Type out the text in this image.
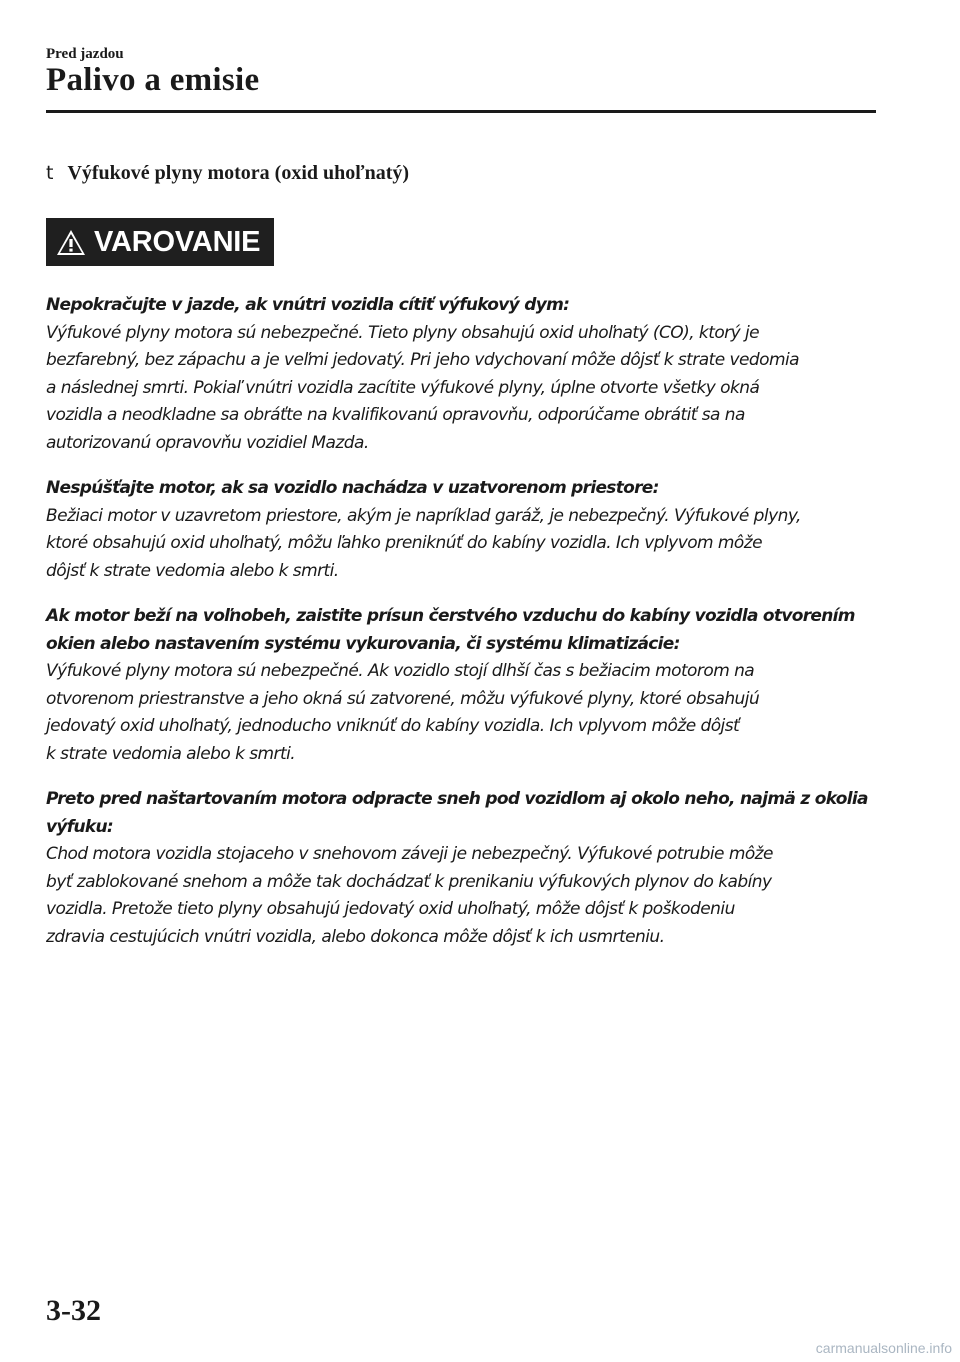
Pred jazdou
Palivo a emisie
t Výfukové plyny motora (oxid uhoľnatý)
VAROVANIE

Nepokračujte v jazde, ak vnútri vozidla cítiť výfukový dym:

Výfukové plyny motora sú nebezpečné. Tieto plyny obsahujú oxid uhoľnatý (CO), ktorý je

bezfarebný, bez zápachu a je veľmi jedovatý. Pri jeho vdychovaní môže dôjsť k strate vedomia

a následnej smrti. Pokiaľ vnútri vozidla zacítite výfukové plyny, úplne otvorte všetky okná

vozidla a neodkladne sa obráťte na kvalifikovanú opravovňu, odporúčame obrátiť sa na

autorizovanú opravovňu vozidiel Mazda.

Nespúšťajte motor, ak sa vozidlo nachádza v uzatvorenom priestore:

Bežiaci motor v uzavretom priestore, akým je napríklad garáž, je nebezpečný. Výfukové plyny,

ktoré obsahujú oxid uhoľnatý, môžu ľahko preniknúť do kabíny vozidla. Ich vplyvom môže

dôjsť k strate vedomia alebo k smrti.

Ak motor beží na voľnobeh, zaistite prísun čerstvého vzduchu do kabíny vozidla otvorením

okien alebo nastavením systému vykurovania, či systému klimatizácie:

Výfukové plyny motora sú nebezpečné. Ak vozidlo stojí dlhší čas s bežiacim motorom na

otvorenom priestranstve a jeho okná sú zatvorené, môžu výfukové plyny, ktoré obsahujú

jedovatý oxid uhoľnatý, jednoducho vniknúť do kabíny vozidla. Ich vplyvom môže dôjsť

k strate vedomia alebo k smrti.

Preto pred naštartovaním motora odpracte sneh pod vozidlom aj okolo neho, najmä z okolia

výfuku:

Chod motora vozidla stojaceho v snehovom záveji je nebezpečný. Výfukové potrubie môže

byť zablokované snehom a môže tak dochádzať k prenikaniu výfukových plynov do kabíny

vozidla. Pretože tieto plyny obsahujú jedovatý oxid uhoľnatý, môže dôjsť k poškodeniu

zdravia cestujúcich vnútri vozidla, alebo dokonca môže dôjsť k ich usmrteniu.

3-32
carmanualsonline.info
